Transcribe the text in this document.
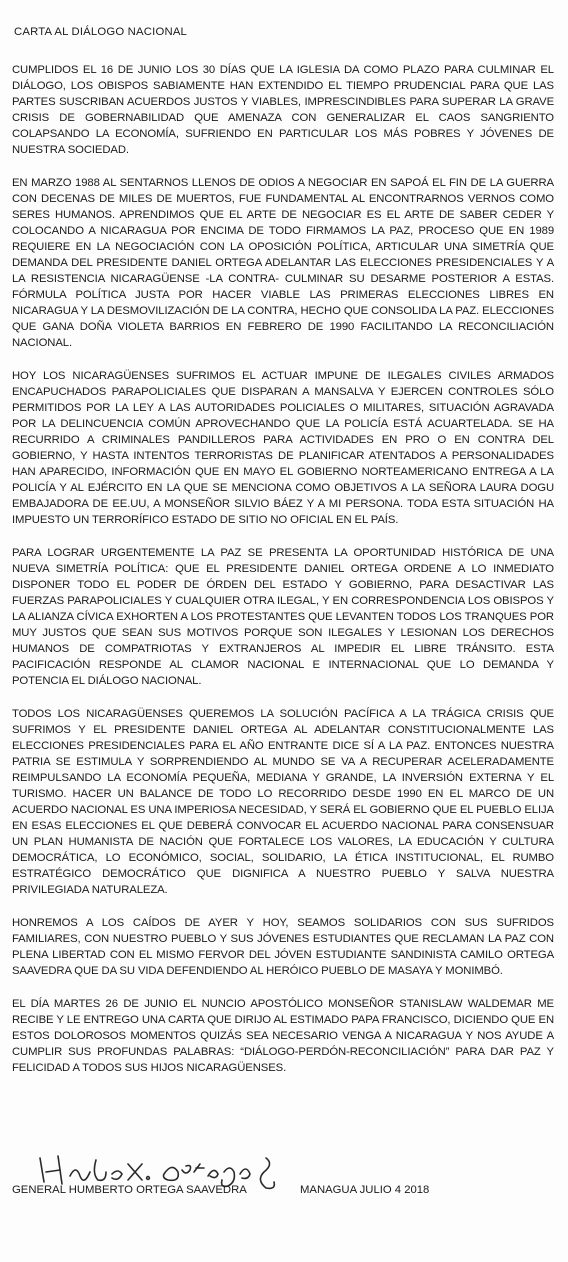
CARTA AL DIÁLOGO NACIONAL

CUMPLIDOS EL 16 DE JUNIO LOS 30 DÍAS QUE LA IGLESIA DA COMO PLAZO PARA CULMINAR EL DIÁLOGO, LOS OBISPOS SABIAMENTE HAN EXTENDIDO EL TIEMPO PRUDENCIAL PARA QUE LAS PARTES SUSCRIBAN ACUERDOS JUSTOS Y VIABLES, IMPRESCINDIBLES PARA SUPERAR LA GRAVE CRISIS DE GOBERNABILIDAD QUE AMENAZA CON GENERALIZAR EL CAOS SANGRIENTO COLAPSANDO LA ECONOMÍA, SUFRIENDO EN PARTICULAR LOS MÁS POBRES Y JÓVENES DE NUESTRA SOCIEDAD.

EN MARZO 1988 AL SENTARNOS LLENOS DE ODIOS A NEGOCIAR EN SAPOÁ EL FIN DE LA GUERRA CON DECENAS DE MILES DE MUERTOS, FUE FUNDAMENTAL AL ENCONTRARNOS VERNOS COMO SERES HUMANOS. APRENDIMOS QUE EL ARTE DE NEGOCIAR ES EL ARTE DE SABER CEDER Y COLOCANDO A NICARAGUA POR ENCIMA DE TODO FIRMAMOS LA PAZ, PROCESO QUE EN 1989 REQUIERE EN LA NEGOCIACIÓN CON LA OPOSICIÓN POLÍTICA, ARTICULAR UNA SIMETRÍA QUE DEMANDA DEL PRESIDENTE DANIEL ORTEGA ADELANTAR LAS ELECCIONES PRESIDENCIALES Y A LA RESISTENCIA NICARAGÜENSE -LA CONTRA- CULMINAR SU DESARME POSTERIOR A ESTAS. FÓRMULA POLÍTICA JUSTA POR HACER VIABLE LAS PRIMERAS ELECCIONES LIBRES EN NICARAGUA Y LA DESMOVILIZACIÓN DE LA CONTRA, HECHO QUE CONSOLIDA LA PAZ. ELECCIONES QUE GANA DOÑA VIOLETA BARRIOS EN FEBRERO DE 1990 FACILITANDO LA RECONCILIACIÓN NACIONAL.

HOY LOS NICARAGÜENSES SUFRIMOS EL ACTUAR IMPUNE DE ILEGALES CIVILES ARMADOS ENCAPUCHADOS PARAPOLICIALES QUE DISPARAN A MANSALVA Y EJERCEN CONTROLES SÓLO PERMITIDOS POR LA LEY A LAS AUTORIDADES POLICIALES O MILITARES, SITUACIÓN AGRAVADA POR LA DELINCUENCIA COMÚN APROVECHANDO QUE LA POLICÍA ESTÁ ACUARTELADA. SE HA RECURRIDO A CRIMINALES PANDILLEROS PARA ACTIVIDADES EN PRO O EN CONTRA DEL GOBIERNO, Y HASTA INTENTOS TERRORISTAS DE PLANIFICAR ATENTADOS A PERSONALIDADES HAN APARECIDO, INFORMACIÓN QUE EN MAYO EL GOBIERNO NORTEAMERICANO ENTREGA A LA POLICÍA Y AL EJÉRCITO EN LA QUE SE MENCIONA COMO OBJETIVOS A LA SEÑORA LAURA DOGU EMBAJADORA DE EE.UU, A MONSEÑOR SILVIO BÁEZ Y A MI PERSONA. TODA ESTA SITUACIÓN HA IMPUESTO UN TERRORÍFICO ESTADO DE SITIO NO OFICIAL EN EL PAÍS.

PARA LOGRAR URGENTEMENTE LA PAZ SE PRESENTA LA OPORTUNIDAD HISTÓRICA DE UNA NUEVA SIMETRÍA POLÍTICA: QUE EL PRESIDENTE DANIEL ORTEGA ORDENE A LO INMEDIATO DISPONER TODO EL PODER DE ÓRDEN DEL ESTADO Y GOBIERNO, PARA DESACTIVAR LAS FUERZAS PARAPOLICIALES Y CUALQUIER OTRA ILEGAL, Y EN CORRESPONDENCIA LOS OBISPOS Y LA ALIANZA CÍVICA EXHORTEN A LOS PROTESTANTES QUE LEVANTEN TODOS LOS TRANQUES POR MUY JUSTOS QUE SEAN SUS MOTIVOS PORQUE SON ILEGALES Y LESIONAN LOS DERECHOS HUMANOS DE COMPATRIOTAS Y EXTRANJEROS AL IMPEDIR EL LIBRE TRÁNSITO. ESTA PACIFICACIÓN RESPONDE AL CLAMOR NACIONAL E INTERNACIONAL QUE LO DEMANDA Y POTENCIA EL DIÁLOGO NACIONAL.

TODOS LOS NICARAGÜENSES QUEREMOS LA SOLUCIÓN PACÍFICA A LA TRÁGICA CRISIS QUE SUFRIMOS Y EL PRESIDENTE DANIEL ORTEGA AL ADELANTAR CONSTITUCIONALMENTE LAS ELECCIONES PRESIDENCIALES PARA EL AÑO ENTRANTE DICE SÍ A LA PAZ. ENTONCES NUESTRA PATRIA SE ESTIMULA Y SORPRENDIENDO AL MUNDO SE VA A RECUPERAR ACELERADAMENTE REIMPULSANDO LA ECONOMÍA PEQUEÑA, MEDIANA Y GRANDE, LA INVERSIÓN EXTERNA Y EL TURISMO. HACER UN BALANCE DE TODO LO RECORRIDO DESDE 1990 EN EL MARCO DE UN ACUERDO NACIONAL ES UNA IMPERIOSA NECESIDAD, Y SERÁ EL GOBIERNO QUE EL PUEBLO ELIJA EN ESAS ELECCIONES EL QUE DEBERÁ CONVOCAR EL ACUERDO NACIONAL PARA CONSENSUAR UN PLAN HUMANISTA DE NACIÓN QUE FORTALECE LOS VALORES, LA EDUCACIÓN Y CULTURA DEMOCRÁTICA, LO ECONÓMICO, SOCIAL, SOLIDARIO, LA ÉTICA INSTITUCIONAL, EL RUMBO ESTRATÉGICO DEMOCRÁTICO QUE DIGNIFICA A NUESTRO PUEBLO Y SALVA NUESTRA PRIVILEGIADA NATURALEZA.

HONREMOS A LOS CAÍDOS DE AYER Y HOY, SEAMOS SOLIDARIOS CON SUS SUFRIDOS FAMILIARES, CON NUESTRO PUEBLO Y SUS JÓVENES ESTUDIANTES QUE RECLAMAN LA PAZ CON PLENA LIBERTAD CON EL MISMO FERVOR DEL JÓVEN ESTUDIANTE SANDINISTA CAMILO ORTEGA SAAVEDRA QUE DA SU VIDA DEFENDIENDO AL HERÓICO PUEBLO DE MASAYA Y MONIMBÓ.

EL DÍA MARTES 26 DE JUNIO EL NUNCIO APOSTÓLICO MONSEÑOR STANISLAW WALDEMAR ME RECIBE Y LE ENTREGO UNA CARTA QUE DIRIJO AL ESTIMADO PAPA FRANCISCO, DICIENDO QUE EN ESTOS DOLOROSOS MOMENTOS QUIZÁS SEA NECESARIO VENGA A NICARAGUA Y NOS AYUDE A CUMPLIR SUS PROFUNDAS PALABRAS: “DIÁLOGO-PERDÓN-RECONCILIACIÓN” PARA DAR PAZ Y FELICIDAD A TODOS SUS HIJOS NICARAGÜENSES.

GENERAL HUMBERTO ORTEGA SAAVEDRA	MANAGUA JULIO 4 2018
